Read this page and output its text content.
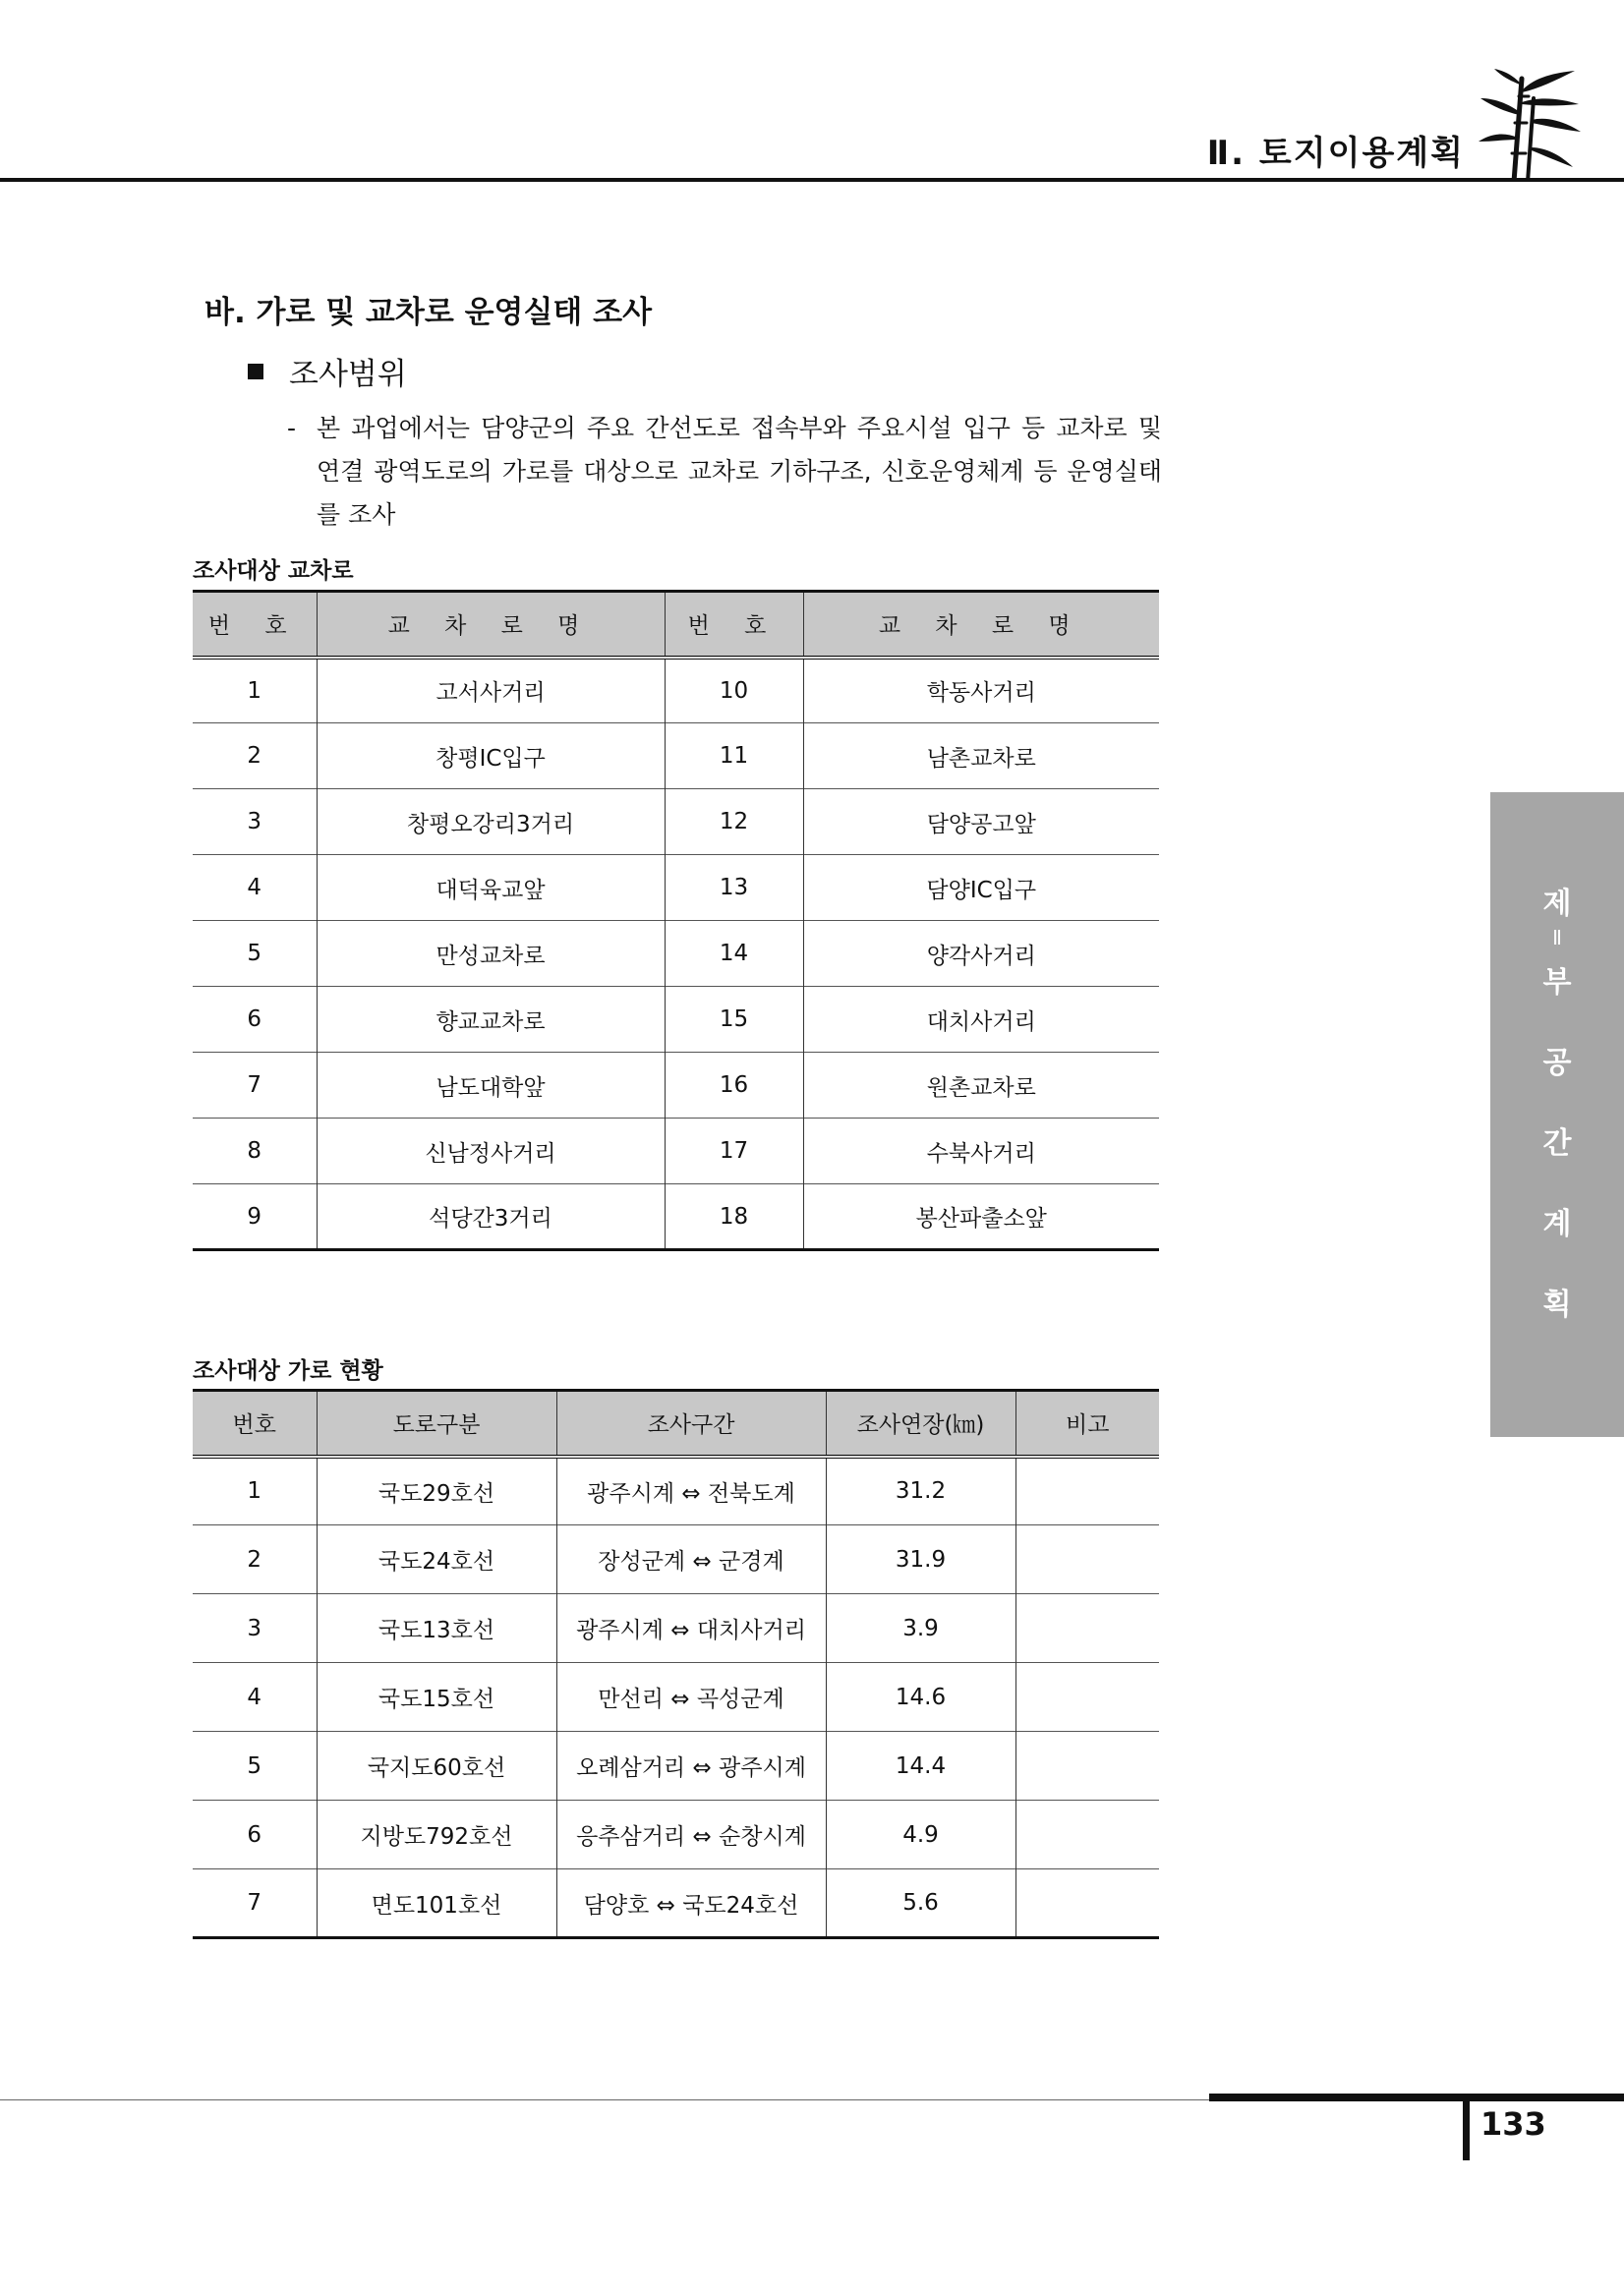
Ⅱ. 토지이용계획
바. 가로 및 교차로 운영실태 조사
조사범위
- 본 과업에서는 담양군의 주요 간선도로 접속부와 주요시설 입구 등 교차로 및 연결 광역도로의 가로를 대상으로 교차로 기하구조, 신호운영체계 등 운영실태를 조사
조사대상 교차로
번 호	교 차 로 명	번 호	교 차 로 명
1	고서사거리	10	학동사거리
2	창평IC입구	11	남촌교차로
3	창평오강리3거리	12	담양공고앞
4	대덕육교앞	13	담양IC입구
5	만성교차로	14	양각사거리
6	향교교차로	15	대치사거리
7	남도대학앞	16	원촌교차로
8	신남정사거리	17	수북사거리
9	석당간3거리	18	봉산파출소앞
조사대상 가로 현황
번호	도로구분	조사구간	조사연장(㎞)	비고
1	국도29호선	광주시계 ⇔ 전북도계	31.2	
2	국도24호선	장성군계 ⇔ 군경계	31.9	
3	국도13호선	광주시계 ⇔ 대치사거리	3.9	
4	국도15호선	만선리 ⇔ 곡성군계	14.6	
5	국지도60호선	오례삼거리 ⇔ 광주시계	14.4	
6	지방도792호선	응추삼거리 ⇔ 순창시계	4.9	
7	면도101호선	담양호 ⇔ 국도24호선	5.6	
제
Ⅱ
부
공
간
계
획
133
